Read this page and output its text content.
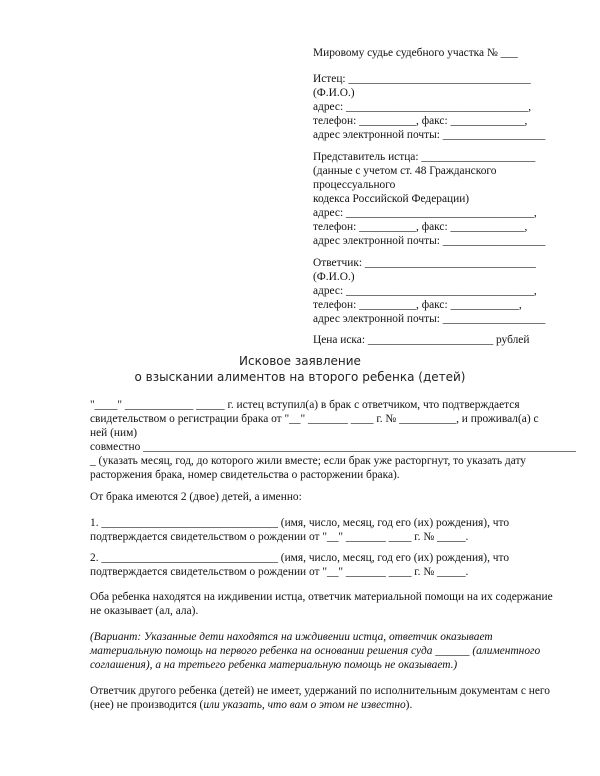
Мировому судье судебного участка № ___
Истец: ________________________________
(Ф.И.О.)
адрес: ________________________________,
телефон: __________, факс: _____________,
адрес электронной почты: __________________
Представитель истца: ____________________
(данные с учетом ст. 48 Гражданского
процессуального
кодекса Российской Федерации)
адрес: _________________________________,
телефон: __________, факс: _____________,
адрес электронной почты: __________________
Ответчик: ______________________________
(Ф.И.О.)
адрес: _________________________________,
телефон: __________, факс: ____________,
адрес электронной почты: __________________
Цена иска: ______________________ рублей
Исковое заявление
о взыскании алиментов на второго ребенка (детей)
"____" ____________ _____ г. истец вступил(а) в брак с ответчиком, что подтверждается
свидетельством о регистрации брака от "__" _______ ____ г. № __________, и проживал(а) с
ней (ним)
совместно ____________________________________________________________________________
_ (указать месяц, год, до которого жили вместе; если брак уже расторгнут, то указать дату
расторжения брака, номер свидетельства о расторжении брака).
От брака имеются 2 (двое) детей, а именно:
1. _______________________________ (имя, число, месяц, год его (их) рождения), что
подтверждается свидетельством о рождении от "__" _______ ____ г. № _____.
2. _______________________________ (имя, число, месяц, год его (их) рождения), что
подтверждается свидетельством о рождении от "__" _______ ____ г. № _____.
Оба ребенка находятся на иждивении истца, ответчик материальной помощи на их содержание
не оказывает (ал, ала).
(Вариант: Указанные дети находятся на иждивении истца, ответчик оказывает
материальную помощь на первого ребенка на основании решения суда ______ (алиментного
соглашения), а на третьего ребенка материальную помощь не оказывает.)
Ответчик другого ребенка (детей) не имеет, удержаний по исполнительным документам с него
(нее) не производится (или указать, что вам о этом не известно).
